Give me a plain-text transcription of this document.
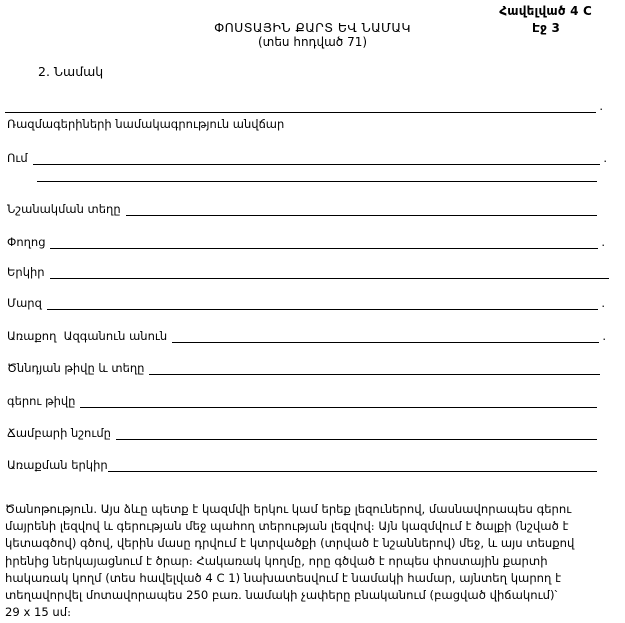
Հավելված 4 C
ՓՈՍՏԱՅԻՆ ՔԱՐՏ ԵՎ ՆԱՄԱԿ	Էջ 3
(տես հոդված 71)
2. Նամակ
.
Ռազմագերիների նամակագրություն անվճար
Ում	.
Նշանակման տեղը
Փողոց	.
Երկիր
Մարզ	.
Առաքող  Ազգանուն անուն	.
Ծննդյան թիվը և տեղը
գերու թիվը
Ճամբարի նշումը
Առաքման երկիր
Ծանոթություն. Այս ձևը պետք է կազմվի երկու կամ երեք լեզուներով, մասնավորապես գերու
մայրենի լեզվով և գերության մեջ պահող տերության լեզվով։ Այն կազմվում է ծալքի (նշված է
կետագծով) գծով, վերին մասը դրվում է կտրվածքի (տրված է նշաններով) մեջ, և այս տեսքով
իրենից ներկայացնում է ծրար։ Հակառակ կողմը, որը գծված է որպես փոստային քարտի
հակառակ կողմ (տես հավելված 4 C 1) նախատեսվում է նամակի համար, այնտեղ կարող է
տեղավորվել մոտավորապես 250 բառ. նամակի չափերը բնականում (բացված վիճակում)՝
29 x 15 սմ։
